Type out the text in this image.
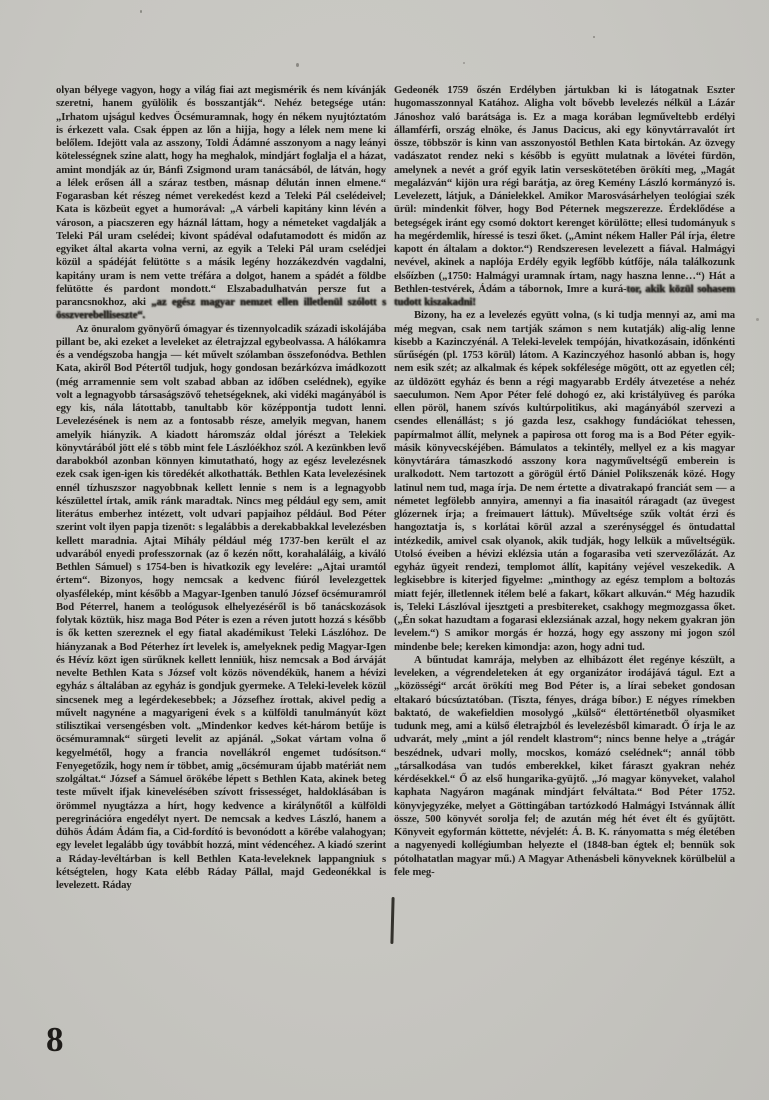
olyan bélyege vagyon, hogy a világ fiai azt megismérik és nem kívánják szeretni, hanem gyülölik és bosszantják“. Nehéz betegsége után: „Irhatom ujságul kedves Öcsémuramnak, hogy én nékem nyujtóztatóm is érkezett vala. Csak éppen az lőn a hijja, hogy a lélek nem mene ki belőlem. Idejött vala az asszony, Toldi Ádámné asszonyom a nagy leányi kötelességnek szine alatt, hogy ha meghalok, mindjárt foglalja el a házat, amint mondják az úr, Bánfi Zsigmond uram tanácsából, de látván, hogy a lélek erősen áll a száraz testben, másnap délután innen elmene.“ Fogarasban két részeg német verekedést kezd a Teleki Pál cselédeivel; Kata is közbeüt egyet a humorával: „A várbeli kapitány kinn lévén a városon, a piacszeren egy háznál láttam, hogy a németeket vagdalják a Teleki Pál uram cselédei; kivont spádéval odafutamodott és midőn az egyiket által akarta volna verni, az egyik a Teleki Pál uram cselédjei közül a spádéját felütötte s a másik legény hozzákezdvén vagdalni, kapitány uram is nem vette tréfára a dolgot, hanem a spádét a földbe felütötte és pardont mondott.“ Elszabadulhatván persze fut a parancsnokhoz, aki „az egész magyar nemzet ellen illetlenül szólott s összverebelliseszte“.

Az önuralom gyönyörű ómagyar és tizennyolcadik századi iskolájába pillant be, aki ezeket a leveleket az életrajzzal egybeolvassa. A hálókamra és a vendégszoba hangja — két művelt szólamban összefonódva. Bethlen Kata, akiről Bod Pétertől tudjuk, hogy gondosan bezárkózva imádkozott (még arramennie sem volt szabad abban az időben cselédnek), egyike volt a legnagyobb társaságszövő tehetségeknek, aki vidéki magányából is egy kis, nála látottabb, tanultabb kör középpontja tudott lenni. Levelezésének is nem az a fontosabb része, amelyik megvan, hanem amelyik hiányzik. A kiadott háromszáz oldal jórészt a Telekiek könyvtárából jött elé s több mint fele Lászlóékhoz szól. A kezünkben levő darabokból azonban könnyen kimutatható, hogy az egész levelezésnek ezek csak igen-igen kis töredékét alkothatták. Bethlen Kata levelezésinek ennél tízhuszszor nagyobbnak kellett lennie s nem is a legnagyobb készülettel írtak, amik ránk maradtak. Nincs meg például egy sem, amit literátus emberhez intézett, volt udvari papjaihoz például. Bod Péter szerint volt ilyen papja tizenöt: s legalábbis a derekabbakkal levelezésben kellett maradnia. Ajtai Mihály például még 1737-ben került el az udvarából enyedi professzornak (az ő kezén nőtt, korahaláláig, a kiváló Bethlen Sámuel) s 1754-ben is hivatkozik egy levelére: „Ajtai uramtól értem“. Bizonyos, hogy nemcsak a kedvenc fiúról levelezgettek olyasfélekép, mint később a Magyar-Igenben tanuló József öcsémuramról Bod Péterrel, hanem a teológusok elhelyezéséről is bő tanácskozások folytak köztük, hisz maga Bod Péter is ezen a réven jutott hozzá s később is ők ketten szereznek el egy fiatal akadémikust Teleki Lászlóhoz. De hiányzanak a Bod Péterhez írt levelek is, amelyeknek pedig Magyar-Igen és Hévíz közt igen sürűknek kellett lenniük, hisz nemcsak a Bod árváját nevelte Bethlen Kata s József volt közös növendékük, hanem a hévizi egyház s általában az egyház is gondjuk gyermeke. A Teleki-levelek közül sincsenek meg a legérdekesebbek; a Józsefhez írottak, akivel pedig a művelt nagynéne a magyarigeni évek s a külföldi tanulmányút közt stilisztikai versengésben volt. „Mindenkor kedves két-három betűje is öcsémuramnak“ sürgeti levelit az apjánál. „Sokat vártam volna ő kegyelmétől, hogy a francia novellákról engemet tudósítson.“ Fenyegetőzik, hogy nem ír többet, amig „öcsémuram újabb matériát nem szolgáltat.“ József a Sámuel örökébe lépett s Bethlen Kata, akinek beteg teste művelt ifjak kinevelésében szívott frissességet, haldoklásában is örömmel nyugtázza a hírt, hogy kedvence a királynőtől a külföldi peregrinációra engedélyt nyert. De nemcsak a kedves László, hanem a dühös Ádám Ádám fia, a Cid-fordító is bevonódott a körébe valahogyan; egy levelet legalább úgy továbbít hozzá, mint védencéhez. A kiadó szerint a Ráday-levéltárban is kell Bethlen Kata-leveleknek lappangniuk s kétségtelen, hogy Kata elébb Ráday Pállal, majd Gedeonékkal is levelezett. Ráday

Gedeonék 1759 őszén Erdélyben jártukban ki is látogatnak Eszter hugomasszonnyal Katához. Aligha volt bővebb levelezés nélkül a Lázár Jánoshoz való barátsága is. Ez a maga korában legműveltebb erdélyi államférfi, ország elnöke, és Janus Dacicus, aki egy könyvtárravalót írt össze, többször is kinn van asszonyostól Bethlen Kata birtokán. Az özvegy vadászatot rendez neki s később is együtt mulatnak a lövétei fürdön, amelynek a nevét a gróf egyik latin verseskötetében örökíti meg, „Magát megalázván“ kijön ura régi barátja, az öreg Kemény László kormányzó is. Levelezett, látjuk, a Dánielekkel. Amikor Marosvásárhelyen teológiai szék ürül: mindenkit fölver, hogy Bod Péternek megszerezze. Érdeklődése a betegségek iránt egy csomó doktort kerenget körülötte; ellesi tudományuk s ha megérdemlik, híressé is teszi őket. („Amint nékem Haller Pál írja, életre kapott én általam a doktor.“) Rendszeresen levelezett a fiával. Halmágyi nevével, akinek a naplója Erdély egyik legfőbb kútfője, nála találkozunk elsőízben („1750: Halmágyi uramnak írtam, nagy haszna lenne…“) Hát a Bethlen-testvérek, Ádám a tábornok, Imre a kurá-tor, akik közül sohasem tudott kiszakadni!

Bizony, ha ez a levelezés együtt volna, (s ki tudja mennyi az, ami ma még megvan, csak nem tartják számon s nem kutatják) alig-alig lenne kisebb a Kazinczyénál. A Teleki-levelek tempóján, hivatkozásain, időnkénti sűrűségén (pl. 1753 körül) látom. A Kazinczyéhoz hasonló abban is, hogy nem esik szét; az alkalmak és képek sokfélesége mögött, ott az egyetlen cél; az üldözött egyház és benn a régi magyarabb Erdély átvezetése a nehéz saeculumon. Nem Apor Péter felé dohogó ez, aki kristályüveg és paróka ellen pöröl, hanem szívós kultúrpolitikus, aki magányából szervezi a csendes ellenállást; s jó gazda lesz, csakhogy fundációkat tehessen, papírmalmot állít, melynek a papirosa ott forog ma is a Bod Péter egyik-másik könyvecskéjében. Bámulatos a tekintély, mellyel ez a kis magyar könyvtárára támaszkodó asszony kora nagyműveltségű emberein is uralkodott. Nem tartozott a görögül értő Dániel Polikszenák közé. Hogy latinul nem tud, maga írja. De nem értette a divatrakapó franciát sem — a németet legfölebb annyira, amennyi a fia inasaitól ráragadt (az üvegest glózernek írja; a freimauert láttuk). Műveltsége szűk voltát érzi és hangoztatja is, s korlátai körül azzal a szerénységgel és öntudattal intézkedik, amivel csak olyanok, akik tudják, hogy lelkük a műveltségük. Utolsó éveiben a hévizi eklézsia után a fogarasiba veti szervezőlázát. Az egyház ügyeit rendezi, templomot állít, kapitány vejével veszekedik. A legkisebbre is kiterjed figyelme: „minthogy az egész templom a boltozás miatt fejér, illetlennek itélem belé a fakart, kőkart alkuván.“ Még hazudik is, Teleki Lászlóval ijesztgeti a presbitereket, csakhogy megmozgassa őket. („Én sokat hazudtam a fogarasi eklezsiának azzal, hogy nekem gyakran jön levelem.“) S amikor morgás ér hozzá, hogy egy asszony mi jogon szól mindenbe bele; kereken kimondja: azon, hogy adni tud.

A bűntudat kamrája, melyben az elhibázott élet regénye készült, a leveleken, a végrendeleteken át egy organizátor irodájává tágul. Ezt a „közösségi“ arcát örökíti meg Bod Péter is, a lírai sebeket gondosan eltakaró búcsúztatóban. (Tiszta, fényes, drága bíbor.) E négyes rímekben baktató, de wakefieldien mosolygó „külső“ élettörténetből olyasmiket tudunk meg, ami a külső életrajzból és levelezésből kimaradt. Ő írja le az udvarát, mely „mint a jól rendelt klastrom“; nincs benne helye a „trágár beszédnek, udvari molly, mocskos, komázó cselédnek“; annál több „társalkodása van tudós emberekkel, kiket fáraszt gyakran nehéz kérdésekkel.“ Ő az első hungarika-gyüjtő. „Jó magyar könyveket, valahol kaphata Nagyáron magának mindjárt felváltata.“ Bod Péter 1752. könyvjegyzéke, melyet a Göttingában tartózkodó Halmágyi Istvánnak állít össze, 500 könyvét sorolja fel; de azután még hét évet élt és gyűjtött. Könyveit egyformán köttette, névjelét: Á. B. K. rányomatta s még életében a nagyenyedi kollégiumban helyezte el (1848-ban égtek el; bennük sok pótolhatatlan magyar mű.) A Magyar Athenásbeli könyveknek körülbelül a fele meg-

8
